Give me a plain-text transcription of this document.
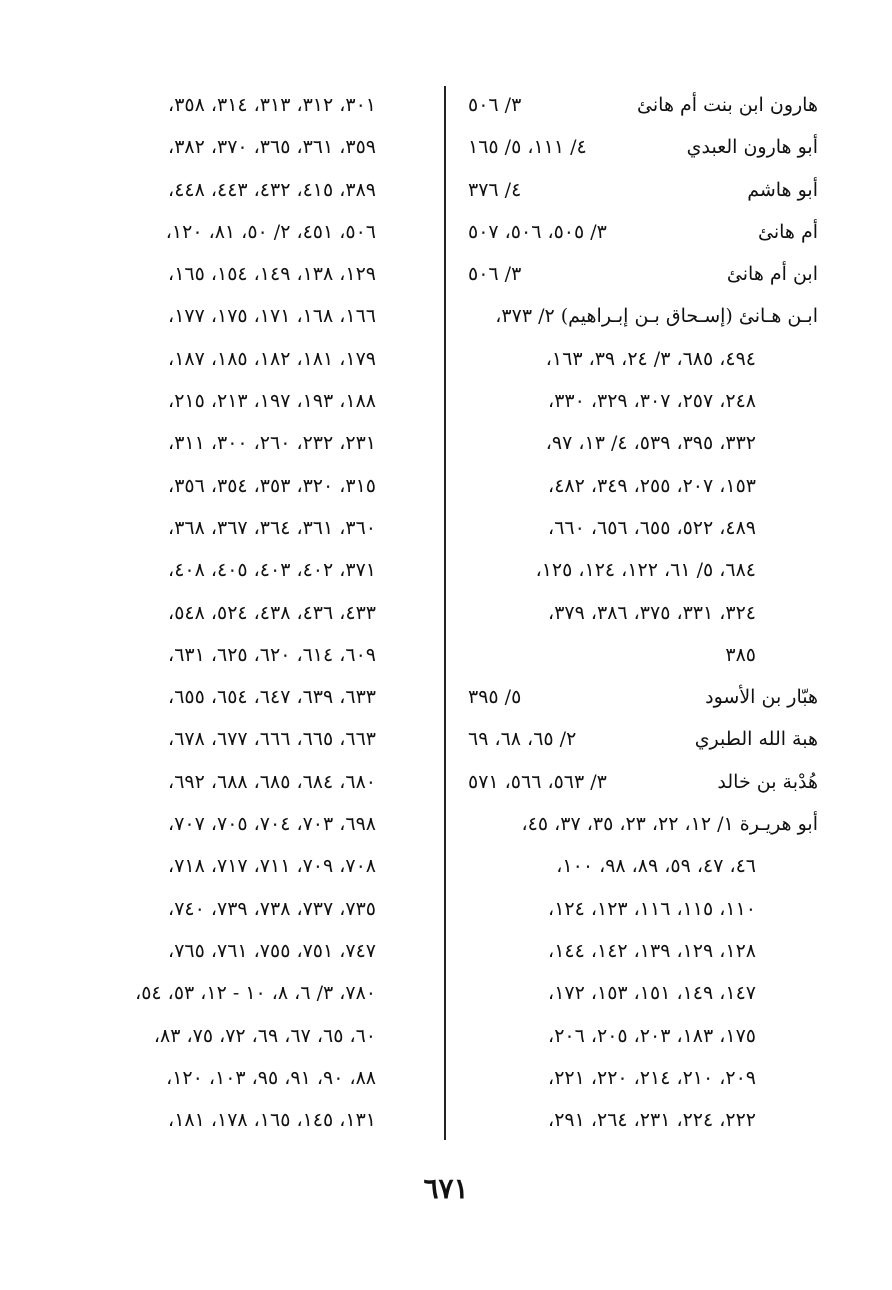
هارون ابن بنت أم هانئ
٣/ ٥٠٦
أبو هارون العبدي
٤/ ١١١، ٥/ ١٦٥
أبو هاشم
٤/ ٣٧٦
أم هانئ
٣/ ٥٠٥، ٥٠٦، ٥٠٧
ابن أم هانئ
٣/ ٥٠٦
ابـن هـانئ (إسـحاق بـن إبـراهيم) ٢/ ٣٧٣،
٤٩٤، ٦٨٥، ٣/ ٢٤، ٣٩، ١٦٣،
٢٤٨، ٢٥٧، ٣٠٧، ٣٢٩، ٣٣٠،
٣٣٢، ٣٩٥، ٥٣٩، ٤/ ١٣، ٩٧،
١٥٣، ٢٠٧، ٢٥٥، ٣٤٩، ٤٨٢،
٤٨٩، ٥٢٢، ٦٥٥، ٦٥٦، ٦٦٠،
٦٨٤، ٥/ ٦١، ١٢٢، ١٢٤، ١٢٥،
٣٢٤، ٣٣١، ٣٧٥، ٣٨٦، ٣٧٩،
٣٨٥
هبّار بن الأسود
٥/ ٣٩٥
هبة الله الطبري
٢/ ٦٥، ٦٨، ٦٩
هُدْبة بن خالد
٣/ ٥٦٣، ٥٦٦، ٥٧١
أبو هريـرة ١/ ١٢، ٢٢، ٢٣، ٣٥، ٣٧، ٤٥،
٤٦، ٤٧، ٥٩، ٨٩، ٩٨، ١٠٠،
١١٠، ١١٥، ١١٦، ١٢٣، ١٢٤،
١٢٨، ١٢٩، ١٣٩، ١٤٢، ١٤٤،
١٤٧، ١٤٩، ١٥١، ١٥٣، ١٧٢،
١٧٥، ١٨٣، ٢٠٣، ٢٠٥، ٢٠٦،
٢٠٩، ٢١٠، ٢١٤، ٢٢٠، ٢٢١،
٢٢٢، ٢٢٤، ٢٣١، ٢٦٤، ٢٩١،
٣٠١، ٣١٢، ٣١٣، ٣١٤، ٣٥٨،
٣٥٩، ٣٦١، ٣٦٥، ٣٧٠، ٣٨٢،
٣٨٩، ٤١٥، ٤٣٢، ٤٤٣، ٤٤٨،
٥٠٦، ٤٥١، ٢/ ٥٠، ٨١، ١٢٠،
١٢٩، ١٣٨، ١٤٩، ١٥٤، ١٦٥،
١٦٦، ١٦٨، ١٧١، ١٧٥، ١٧٧،
١٧٩، ١٨١، ١٨٢، ١٨٥، ١٨٧،
١٨٨، ١٩٣، ١٩٧، ٢١٣، ٢١٥،
٢٣١، ٢٣٢، ٢٦٠، ٣٠٠، ٣١١،
٣١٥، ٣٢٠، ٣٥٣، ٣٥٤، ٣٥٦،
٣٦٠، ٣٦١، ٣٦٤، ٣٦٧، ٣٦٨،
٣٧١، ٤٠٢، ٤٠٣، ٤٠٥، ٤٠٨،
٤٣٣، ٤٣٦، ٤٣٨، ٥٢٤، ٥٤٨،
٦٠٩، ٦١٤، ٦٢٠، ٦٢٥، ٦٣١،
٦٣٣، ٦٣٩، ٦٤٧، ٦٥٤، ٦٥٥،
٦٦٣، ٦٦٥، ٦٦٦، ٦٧٧، ٦٧٨،
٦٨٠، ٦٨٤، ٦٨٥، ٦٨٨، ٦٩٢،
٦٩٨، ٧٠٣، ٧٠٤، ٧٠٥، ٧٠٧،
٧٠٨، ٧٠٩، ٧١١، ٧١٧، ٧١٨،
٧٣٥، ٧٣٧، ٧٣٨، ٧٣٩، ٧٤٠،
٧٤٧، ٧٥١، ٧٥٥، ٧٦١، ٧٦٥،
٧٨٠، ٣/ ٦، ٨، ١٠ - ١٢، ٥٣، ٥٤،
٦٠، ٦٥، ٦٧، ٦٩، ٧٢، ٧٥، ٨٣،
٨٨، ٩٠، ٩١، ٩٥، ١٠٣، ١٢٠،
١٣١، ١٤٥، ١٦٥، ١٧٨، ١٨١،
٦٧١
